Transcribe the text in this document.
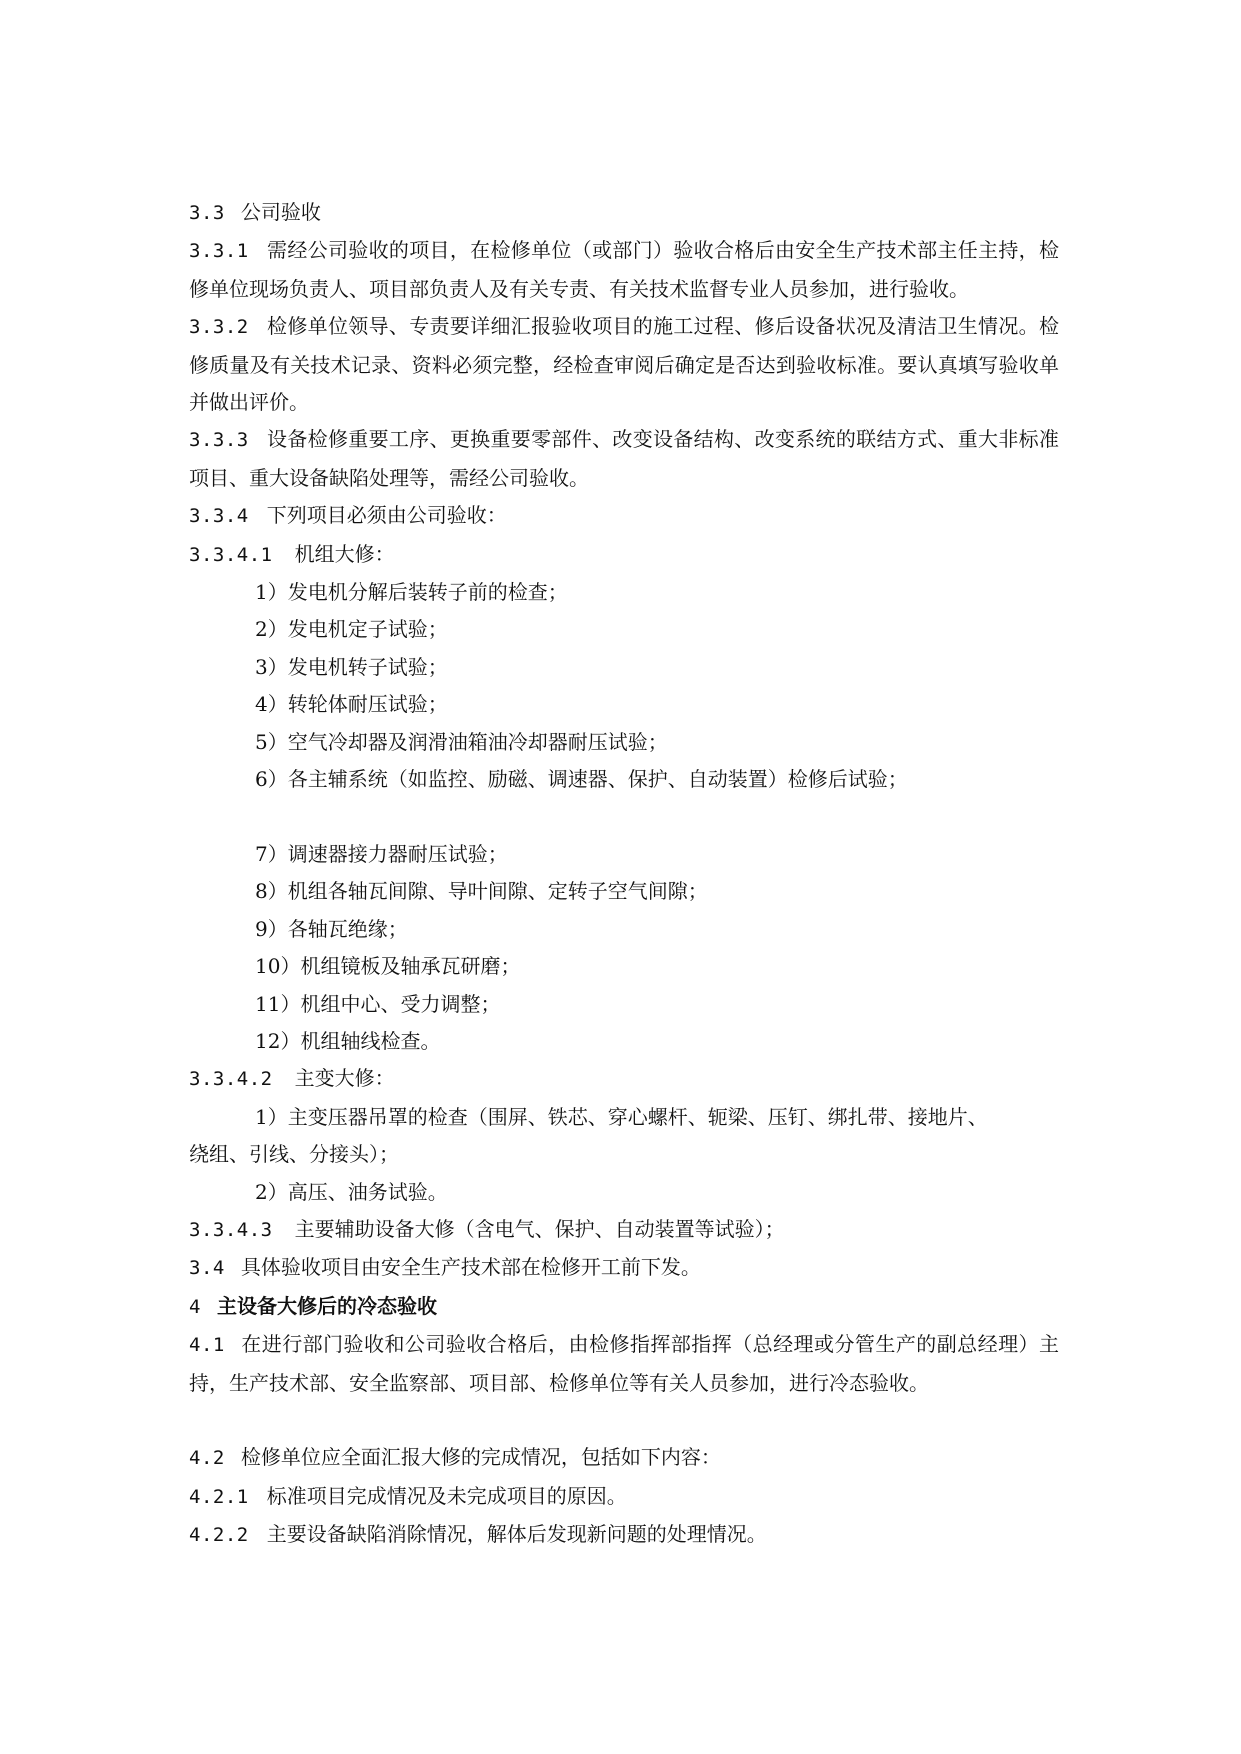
3.3 公司验收

3.3.1 需经公司验收的项目，在检修单位（或部门）验收合格后由安全生产技术部主任主持，检修单位现场负责人、项目部负责人及有关专责、有关技术监督专业人员参加，进行验收。

3.3.2 检修单位领导、专责要详细汇报验收项目的施工过程、修后设备状况及清洁卫生情况。检修质量及有关技术记录、资料必须完整，经检查审阅后确定是否达到验收标准。要认真填写验收单并做出评价。

3.3.3 设备检修重要工序、更换重要零部件、改变设备结构、改变系统的联结方式、重大非标准项目、重大设备缺陷处理等，需经公司验收。

3.3.4 下列项目必须由公司验收：

3.3.4.1 机组大修：

1）发电机分解后装转子前的检查；

2）发电机定子试验；

3）发电机转子试验；

4）转轮体耐压试验；

5）空气冷却器及润滑油箱油冷却器耐压试验；

6）各主辅系统（如监控、励磁、调速器、保护、自动装置）检修后试验；

7）调速器接力器耐压试验；

8）机组各轴瓦间隙、导叶间隙、定转子空气间隙；

9）各轴瓦绝缘；

10）机组镜板及轴承瓦研磨；

11）机组中心、受力调整；

12）机组轴线检查。

3.3.4.2 主变大修：

1）主变压器吊罩的检查（围屏、铁芯、穿心螺杆、轭梁、压钉、绑扎带、接地片、

绕组、引线、分接头）；

2）高压、油务试验。

3.3.4.3 主要辅助设备大修（含电气、保护、自动装置等试验）；

3.4 具体验收项目由安全生产技术部在检修开工前下发。

4 主设备大修后的冷态验收

4.1 在进行部门验收和公司验收合格后，由检修指挥部指挥（总经理或分管生产的副总经理）主持，生产技术部、安全监察部、项目部、检修单位等有关人员参加，进行冷态验收。

4.2 检修单位应全面汇报大修的完成情况，包括如下内容：

4.2.1 标准项目完成情况及未完成项目的原因。

4.2.2 主要设备缺陷消除情况，解体后发现新问题的处理情况。
